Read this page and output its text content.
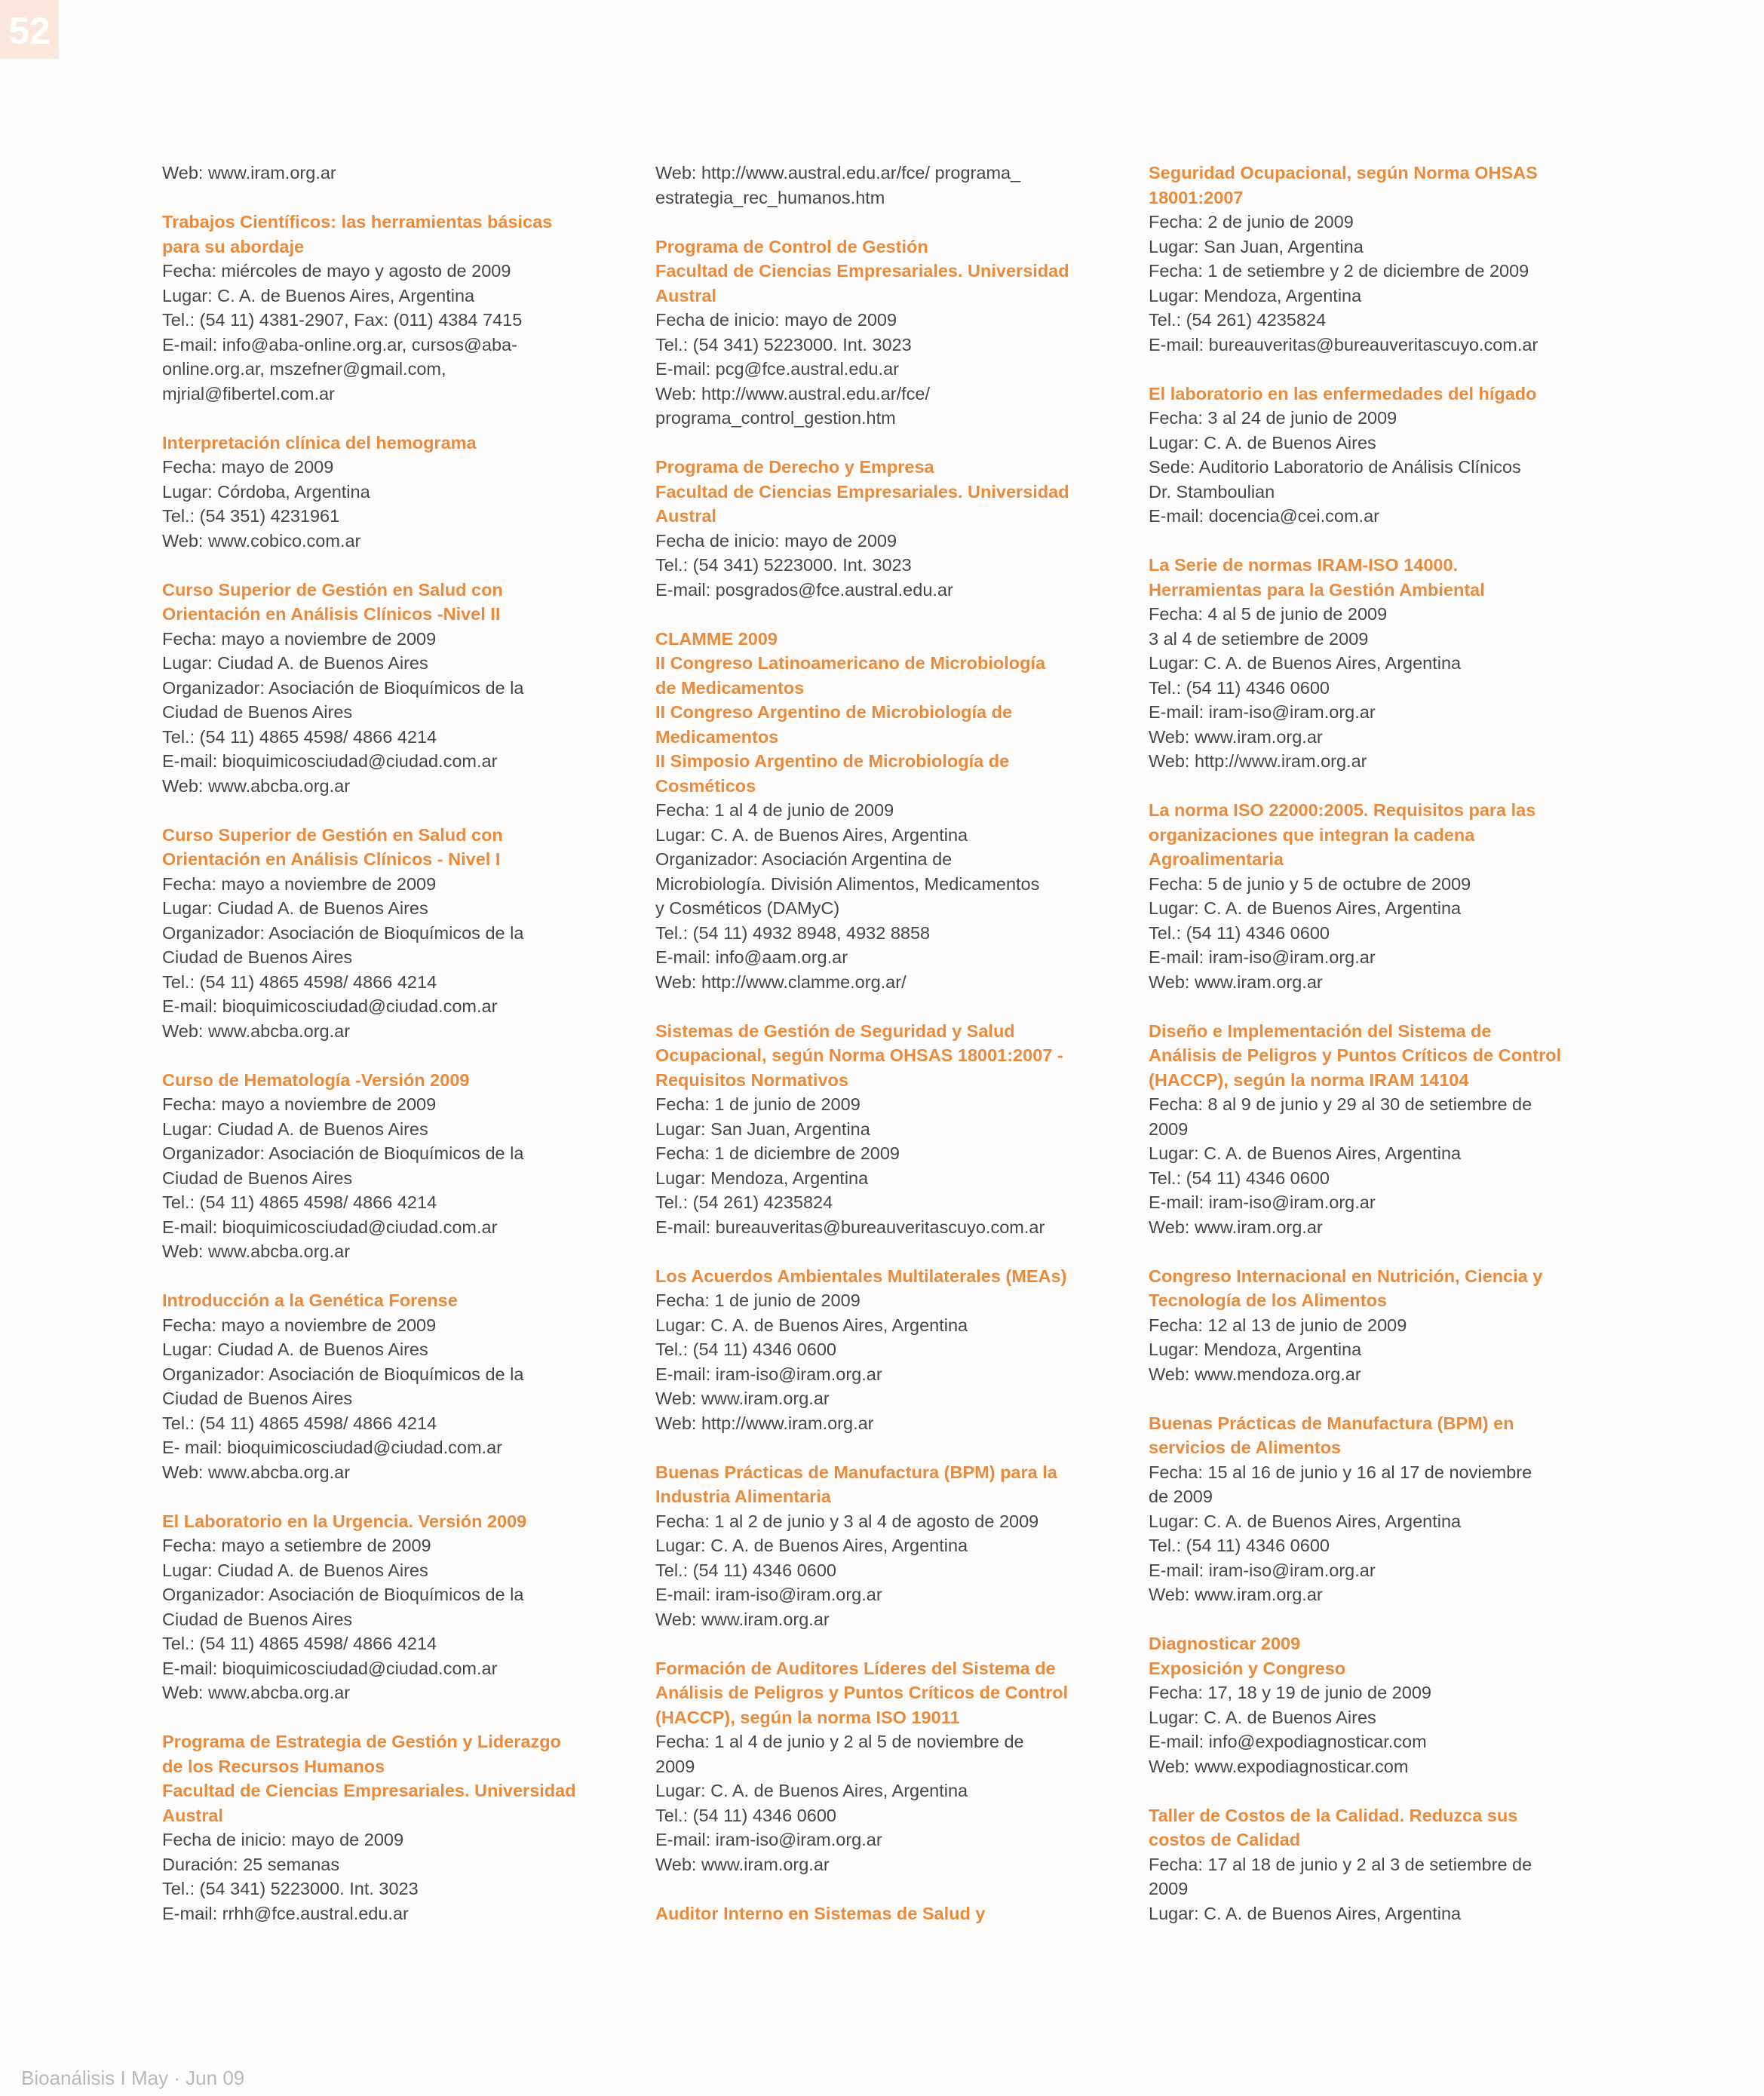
52
Web: www.iram.org.ar
Trabajos Científicos: las herramientas básicas
para su abordaje
Fecha: miércoles de mayo y agosto de 2009
Lugar: C. A. de Buenos Aires, Argentina
Tel.: (54 11) 4381-2907, Fax: (011) 4384 7415
E-mail: info@aba-online.org.ar, cursos@aba-
online.org.ar, mszefner@gmail.com,
mjrial@fibertel.com.ar
Interpretación clínica del hemograma
Fecha: mayo de 2009
Lugar: Córdoba, Argentina
Tel.: (54 351) 4231961
Web: www.cobico.com.ar
Curso Superior de Gestión en Salud con
Orientación en Análisis Clínicos -Nivel II
Fecha: mayo a noviembre de 2009
Lugar: Ciudad A. de Buenos Aires
Organizador: Asociación de Bioquímicos de la
Ciudad de Buenos Aires
Tel.: (54 11) 4865 4598/ 4866 4214
E-mail: bioquimicosciudad@ciudad.com.ar
Web: www.abcba.org.ar
Curso Superior de Gestión en Salud con
Orientación en Análisis Clínicos - Nivel I
Fecha: mayo a noviembre de 2009
Lugar: Ciudad A. de Buenos Aires
Organizador: Asociación de Bioquímicos de la
Ciudad de Buenos Aires
Tel.: (54 11) 4865 4598/ 4866 4214
E-mail: bioquimicosciudad@ciudad.com.ar
Web: www.abcba.org.ar
Curso de Hematología -Versión 2009
Fecha: mayo a noviembre de 2009
Lugar: Ciudad A. de Buenos Aires
Organizador: Asociación de Bioquímicos de la
Ciudad de Buenos Aires
Tel.: (54 11) 4865 4598/ 4866 4214
E-mail: bioquimicosciudad@ciudad.com.ar
Web: www.abcba.org.ar
Introducción a la Genética Forense
Fecha: mayo a noviembre de 2009
Lugar: Ciudad A. de Buenos Aires
Organizador: Asociación de Bioquímicos de la
Ciudad de Buenos Aires
Tel.: (54 11) 4865 4598/ 4866 4214
E- mail: bioquimicosciudad@ciudad.com.ar
Web: www.abcba.org.ar
El Laboratorio en la Urgencia. Versión 2009
Fecha: mayo a setiembre de 2009
Lugar: Ciudad A. de Buenos Aires
Organizador: Asociación de Bioquímicos de la
Ciudad de Buenos Aires
Tel.: (54 11) 4865 4598/ 4866 4214
E-mail: bioquimicosciudad@ciudad.com.ar
Web: www.abcba.org.ar
Programa de Estrategia de Gestión y Liderazgo
de los Recursos Humanos
Facultad de Ciencias Empresariales. Universidad
Austral
Fecha de inicio: mayo de 2009
Duración: 25 semanas
Tel.: (54 341) 5223000. Int. 3023
E-mail: rrhh@fce.austral.edu.ar
Web: http://www.austral.edu.ar/fce/ programa_
estrategia_rec_humanos.htm
Programa de Control de Gestión
Facultad de Ciencias Empresariales. Universidad
Austral
Fecha de inicio: mayo de 2009
Tel.: (54 341) 5223000. Int. 3023
E-mail: pcg@fce.austral.edu.ar
Web: http://www.austral.edu.ar/fce/
programa_control_gestion.htm
Programa de Derecho y Empresa
Facultad de Ciencias Empresariales. Universidad
Austral
Fecha de inicio: mayo de 2009
Tel.: (54 341) 5223000. Int. 3023
E-mail: posgrados@fce.austral.edu.ar
CLAMME 2009
II Congreso Latinoamericano de Microbiología
de Medicamentos
II Congreso Argentino de Microbiología de
Medicamentos
II Simposio Argentino de Microbiología de
Cosméticos
Fecha: 1 al 4 de junio de 2009
Lugar: C. A. de Buenos Aires, Argentina
Organizador: Asociación Argentina de
Microbiología. División Alimentos, Medicamentos
y Cosméticos (DAMyC)
Tel.: (54 11) 4932 8948, 4932 8858
E-mail: info@aam.org.ar
Web: http://www.clamme.org.ar/
Sistemas de Gestión de Seguridad y Salud
Ocupacional, según Norma OHSAS 18001:2007 -
Requisitos Normativos
Fecha: 1 de junio de 2009
Lugar: San Juan, Argentina
Fecha: 1 de diciembre de 2009
Lugar: Mendoza, Argentina
Tel.: (54 261) 4235824
E-mail: bureauveritas@bureauveritascuyo.com.ar
Los Acuerdos Ambientales Multilaterales (MEAs)
Fecha: 1 de junio de 2009
Lugar: C. A. de Buenos Aires, Argentina
Tel.: (54 11) 4346 0600
E-mail: iram-iso@iram.org.ar
Web: www.iram.org.ar
Web: http://www.iram.org.ar
Buenas Prácticas de Manufactura (BPM) para la
Industria Alimentaria
Fecha: 1 al 2 de junio y 3 al 4 de agosto de 2009
Lugar: C. A. de Buenos Aires, Argentina
Tel.: (54 11) 4346 0600
E-mail: iram-iso@iram.org.ar
Web: www.iram.org.ar
Formación de Auditores Líderes del Sistema de
Análisis de Peligros y Puntos Críticos de Control
(HACCP), según la norma ISO 19011
Fecha: 1 al 4 de junio y 2 al 5 de noviembre de
2009
Lugar: C. A. de Buenos Aires, Argentina
Tel.: (54 11) 4346 0600
E-mail: iram-iso@iram.org.ar
Web: www.iram.org.ar
Auditor Interno en Sistemas de Salud y
Seguridad Ocupacional, según Norma OHSAS
18001:2007
Fecha: 2 de junio de 2009
Lugar: San Juan, Argentina
Fecha: 1 de setiembre y 2 de diciembre de 2009
Lugar: Mendoza, Argentina
Tel.: (54 261) 4235824
E-mail: bureauveritas@bureauveritascuyo.com.ar
El laboratorio en las enfermedades del hígado
Fecha: 3 al 24 de junio de 2009
Lugar: C. A. de Buenos Aires
Sede: Auditorio Laboratorio de Análisis Clínicos
Dr. Stamboulian
E-mail: docencia@cei.com.ar
La Serie de normas IRAM-ISO 14000.
Herramientas para la Gestión Ambiental
Fecha: 4 al 5 de junio de 2009
3 al 4 de setiembre de 2009
Lugar: C. A. de Buenos Aires, Argentina
Tel.: (54 11) 4346 0600
E-mail: iram-iso@iram.org.ar
Web: www.iram.org.ar
Web: http://www.iram.org.ar
La norma ISO 22000:2005. Requisitos para las
organizaciones que integran la cadena
Agroalimentaria
Fecha: 5 de junio y 5 de octubre de 2009
Lugar: C. A. de Buenos Aires, Argentina
Tel.: (54 11) 4346 0600
E-mail: iram-iso@iram.org.ar
Web: www.iram.org.ar
Diseño e Implementación del Sistema de
Análisis de Peligros y Puntos Críticos de Control
(HACCP), según la norma IRAM 14104
Fecha: 8 al 9 de junio y 29 al 30 de setiembre de
2009
Lugar: C. A. de Buenos Aires, Argentina
Tel.: (54 11) 4346 0600
E-mail: iram-iso@iram.org.ar
Web: www.iram.org.ar
Congreso Internacional en Nutrición, Ciencia y
Tecnología de los Alimentos
Fecha: 12 al 13 de junio de 2009
Lugar: Mendoza, Argentina
Web: www.mendoza.org.ar
Buenas Prácticas de Manufactura (BPM) en
servicios de Alimentos
Fecha: 15 al 16 de junio y 16 al 17 de noviembre
de 2009
Lugar: C. A. de Buenos Aires, Argentina
Tel.: (54 11) 4346 0600
E-mail: iram-iso@iram.org.ar
Web: www.iram.org.ar
Diagnosticar 2009
Exposición y Congreso
Fecha: 17, 18 y 19 de junio de 2009
Lugar: C. A. de Buenos Aires
E-mail: info@expodiagnosticar.com
Web: www.expodiagnosticar.com
Taller de Costos de la Calidad. Reduzca sus
costos de Calidad
Fecha: 17 al 18 de junio y 2 al 3 de setiembre de
2009
Lugar: C. A. de Buenos Aires, Argentina
Bioanálisis I May · Jun 09
